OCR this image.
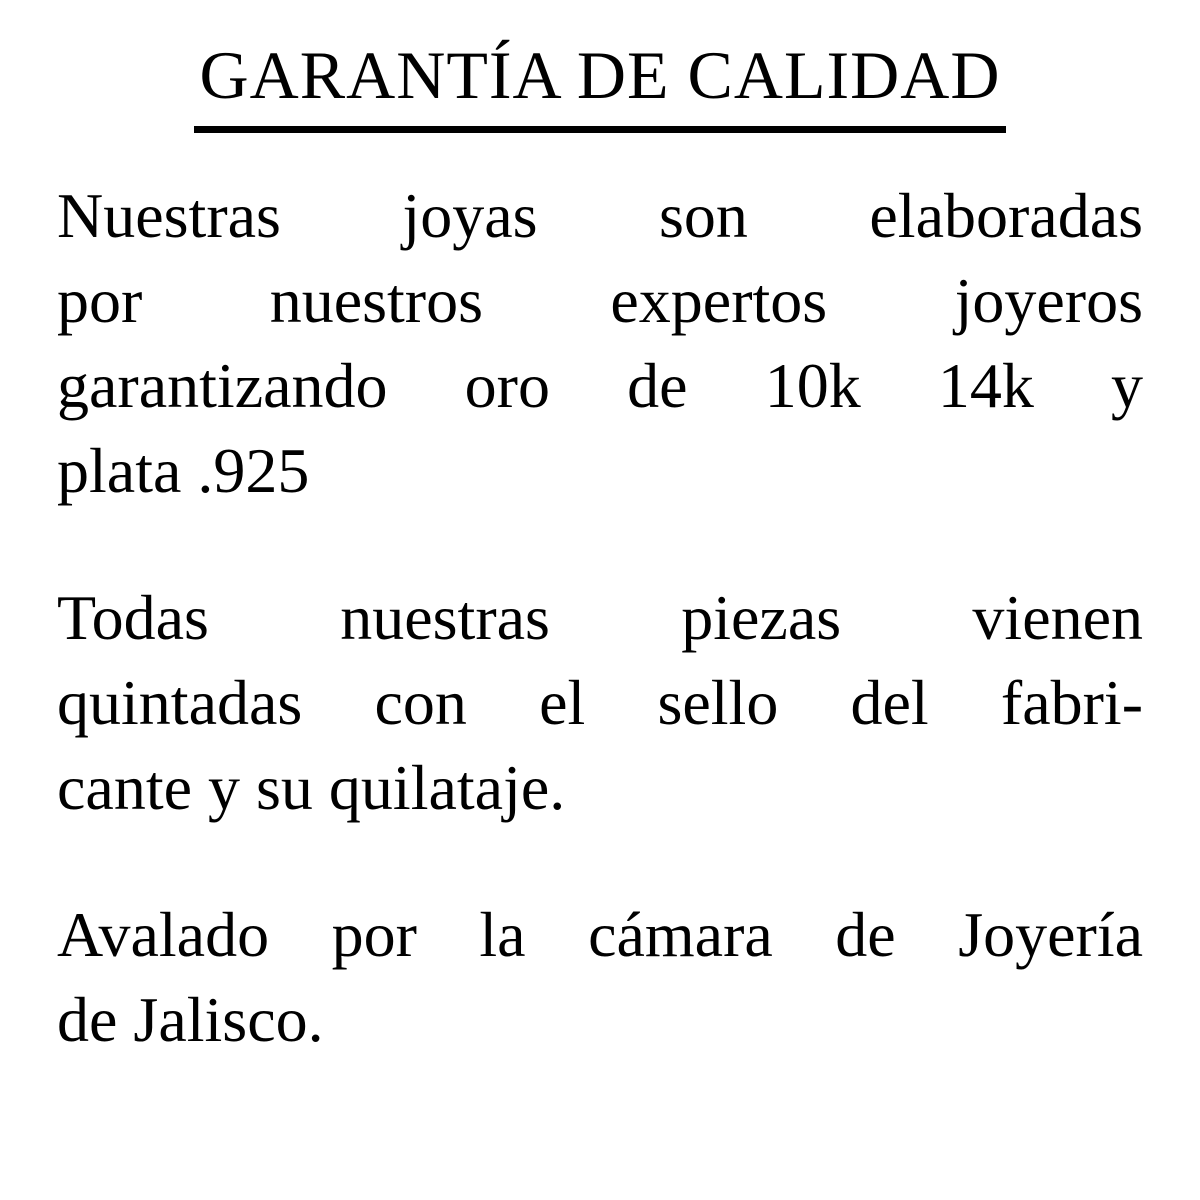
GARANTÍA DE CALIDAD
Nuestras joyas son elaboradas
por nuestros expertos joyeros
garantizando oro de 10k 14k y
plata .925
Todas nuestras piezas vienen
quintadas con el sello del fabri-
cante y su quilataje.
Avalado por la cámara de Joyería
de Jalisco.
